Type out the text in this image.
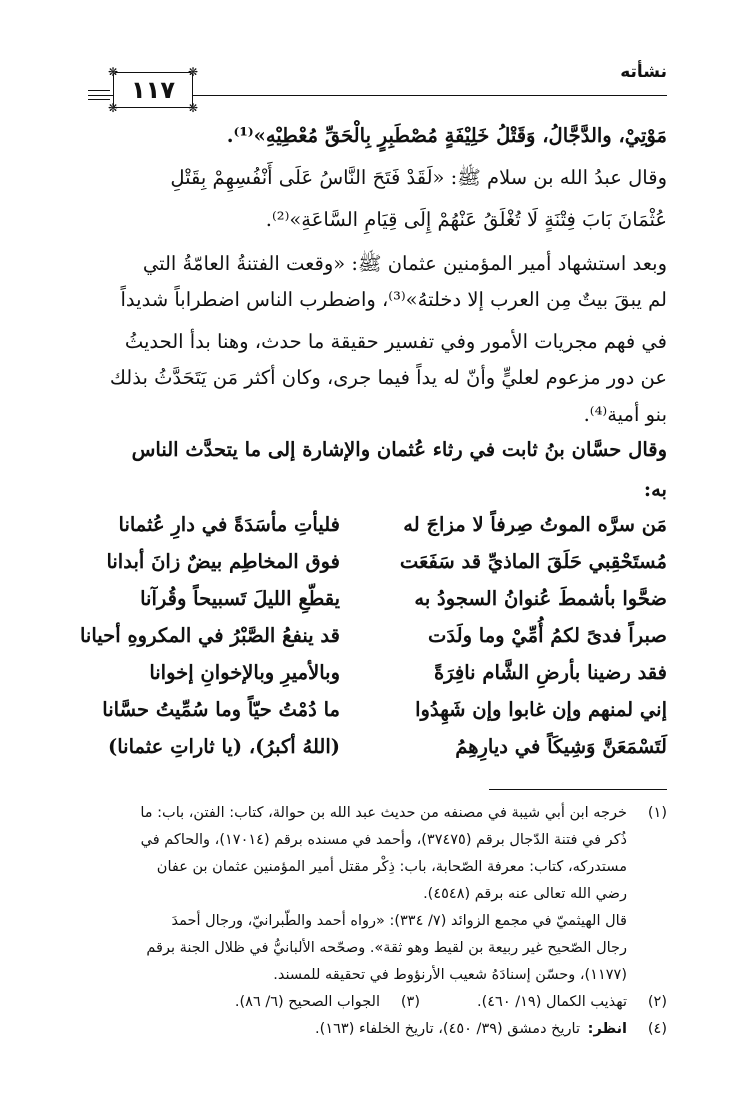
نشأته
❋	❋
❋	❋
١١٧

مَوْتِيْ، والدَّجَّالُ، وَقَتْلُ خَلِيْفَةٍ مُصْطَبِرٍ بِالْحَقِّ مُعْطِيْهِ»⁽¹⁾.

وقال عبدُ الله بن سلام ﷺ: «لَقَدْ فَتَحَ النَّاسُ عَلَى أَنْفُسِهِمْ بِقَتْلِ

عُثْمَانَ بَابَ فِتْنَةٍ لَا تُغْلَقُ عَنْهُمْ إِلَى قِيَامِ السَّاعَةِ»⁽²⁾.

وبعد استشهاد أمير المؤمنين عثمان ﷺ: «وقعت الفتنةُ العامّةُ التي

لم يبقَ بيتٌ مِن العرب إلا دخلتهُ»⁽³⁾، واضطرب الناس اضطراباً شديداً

في فهم مجريات الأمور وفي تفسير حقيقة ما حدث، وهنا بدأ الحديثُ

عن دور مزعوم لعليٍّ وأنّ له يداً فيما جرى، وكان أكثر مَن يَتَحَدَّثُ بذلك

بنو أمية⁽⁴⁾.

وقال حسَّان بنُ ثابت في رثاء عُثمان والإشارة إلى ما يتحدَّث الناس

به:

مَن سرَّه الموتُ صِرفاً لا مزاجَ له
مُستَحْقِبي حَلَقَ الماذيِّ قد سَفَعَت
ضحَّوا بأشمطَ عُنوانُ السجودُ به
صبراً فدىً لكمُ أُمِّيْ وما ولَدَت
فقد رضينا بأرضِ الشَّام نافِرَةً
إني لمنهم وإن غابوا وإن شَهِدُوا
لَتَسْمَعَنَّ وَشِيكَاً في ديارِهِمُ
فليأتِ مأسَدَةً في دارِ عُثمانا
فوق المخاطِم بيضٌ زانَ أبدانا
يقطّعِ الليلَ تَسبيحاً وقُرآنا
قد ينفعُ الصَّبْرُ في المكروهِ أحيانا
وبالأميرِ وبالإخوانِ إخوانا
ما دُمْتُ حيّاً وما سُمِّيتُ حسَّانا
(اللهُ أكبرُ)، (يا ثاراتِ عثمانا)
(١)

خرجه ابن أبي شيبة في مصنفه من حديث عبد الله بن حوالة، كتاب: الفتن، باب: ما

ذُكر في فتنة الدّجال برقم (٣٧٤٧٥)، وأحمد في مسنده برقم (١٧٠١٤)، والحاكم في

مستدركه، كتاب: معرفة الصّحابة، باب: ذِكْر مقتل أمير المؤمنين عثمان بن عفان

رضي الله تعالى عنه برقم (٤٥٤٨).

قال الهيثميّ في مجمع الزوائد (٧/ ٣٣٤): «رواه أحمد والطّبرانيّ، ورجال أحمدَ

رجال الصّحيح غير ربيعة بن لقيط وهو ثقة». وصحّحه الألبانيُّ في ظلال الجنة برقم

(١١٧٧)، وحسّن إسنادَهُ شعيب الأرنؤوط في تحقيقه للمسند.

(٢)
تهذيب الكمال (١٩/ ٤٦٠).
(٣)
الجواب الصحيح (٦/ ٨٦).
(٤)
انظر:
تاريخ دمشق (٣٩/ ٤٥٠)، تاريخ الخلفاء (١٦٣).
